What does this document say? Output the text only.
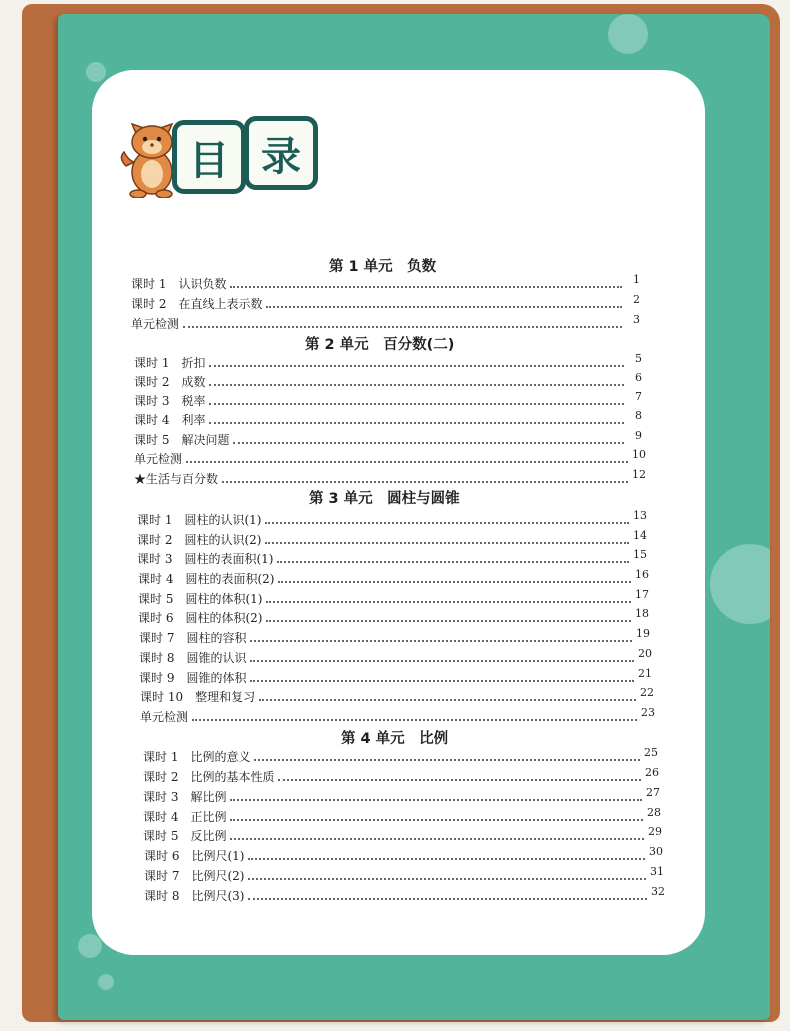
目 录
第 1 单元　负数
课时 1　认识负数	1
课时 2　在直线上表示数	2
单元检测	3
第 2 单元　百分数(二)
课时 1　折扣	5
课时 2　成数	6
课时 3　税率	7
课时 4　利率	8
课时 5　解决问题	9
单元检测	10
★生活与百分数	12
第 3 单元　圆柱与圆锥
课时 1　圆柱的认识(1)	13
课时 2　圆柱的认识(2)	14
课时 3　圆柱的表面积(1)	15
课时 4　圆柱的表面积(2)	16
课时 5　圆柱的体积(1)	17
课时 6　圆柱的体积(2)	18
课时 7　圆柱的容积	19
课时 8　圆锥的认识	20
课时 9　圆锥的体积	21
课时 10　整理和复习	22
单元检测	23
第 4 单元　比例
课时 1　比例的意义	25
课时 2　比例的基本性质	26
课时 3　解比例	27
课时 4　正比例	28
课时 5　反比例	29
课时 6　比例尺(1)	30
课时 7　比例尺(2)	31
课时 8　比例尺(3)	32
